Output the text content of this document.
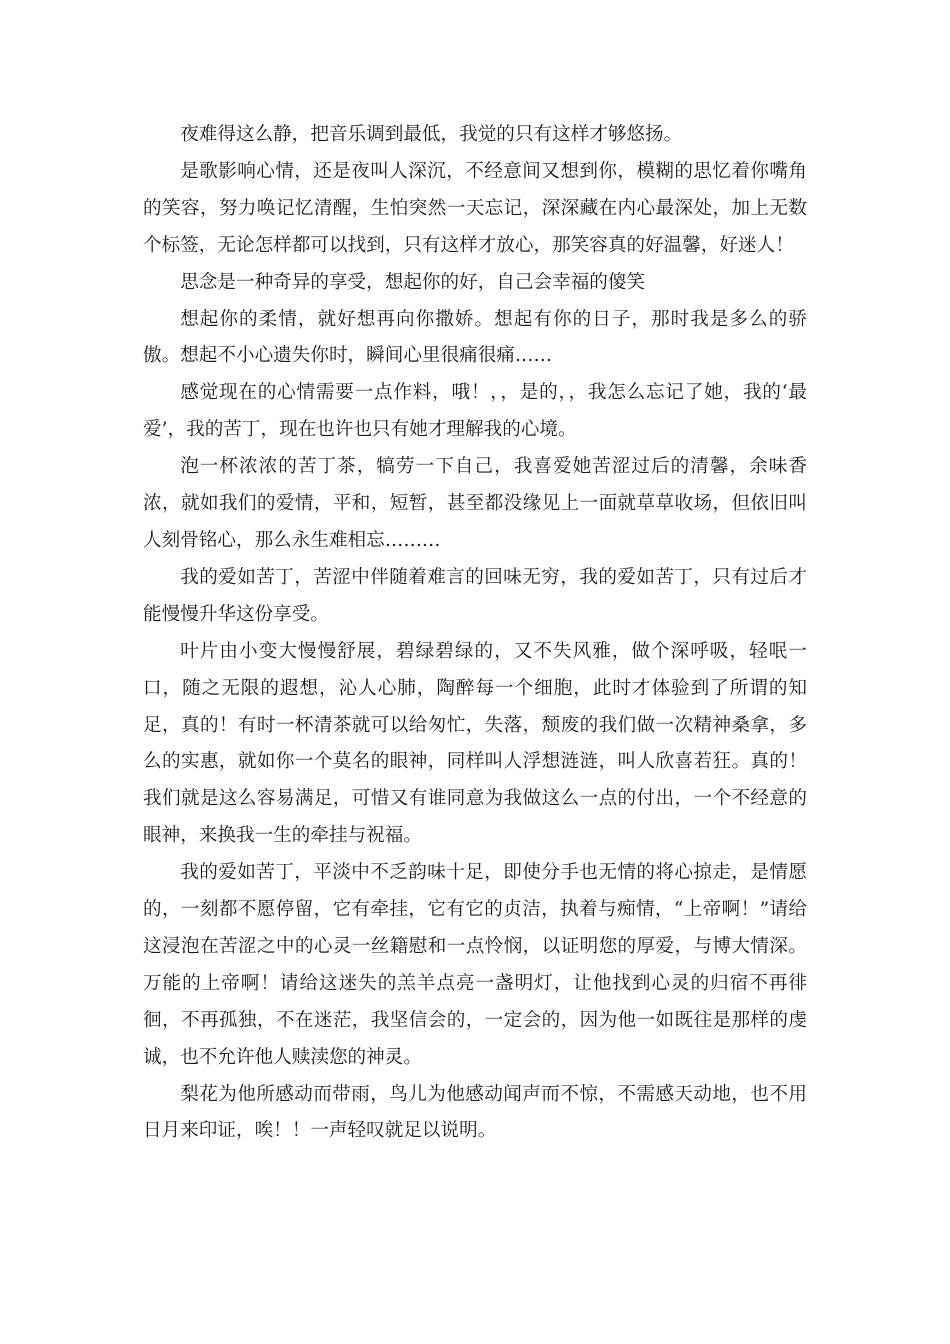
夜难得这么静，把音乐调到最低，我觉的只有这样才够悠扬。

是歌影响心情，还是夜叫人深沉，不经意间又想到你，模糊的思忆着你嘴角的笑容，努力唤记忆清醒，生怕突然一天忘记，深深藏在内心最深处，加上无数个标签，无论怎样都可以找到，只有这样才放心，那笑容真的好温馨，好迷人！

思念是一种奇异的享受，想起你的好，自己会幸福的傻笑

想起你的柔情，就好想再向你撒娇。想起有你的日子，那时我是多么的骄傲。想起不小心遗失你时，瞬间心里很痛很痛……

感觉现在的心情需要一点作料，哦！，，是的，，我怎么忘记了她，我的‘最爱’，我的苦丁，现在也许也只有她才理解我的心境。

泡一杯浓浓的苦丁茶，犒劳一下自己，我喜爱她苦涩过后的清馨，余味香浓，就如我们的爱情，平和，短暂，甚至都没缘见上一面就草草收场，但依旧叫人刻骨铭心，那么永生难相忘………

我的爱如苦丁，苦涩中伴随着难言的回味无穷，我的爱如苦丁，只有过后才能慢慢升华这份享受。

叶片由小变大慢慢舒展，碧绿碧绿的，又不失风雅，做个深呼吸，轻呡一口，随之无限的遐想，沁人心肺，陶醉每一个细胞，此时才体验到了所谓的知足，真的！有时一杯清茶就可以给匆忙，失落，颓废的我们做一次精神桑拿，多么的实惠，就如你一个莫名的眼神，同样叫人浮想涟涟，叫人欣喜若狂。真的！我们就是这么容易满足，可惜又有谁同意为我做这么一点的付出，一个不经意的眼神，来换我一生的牵挂与祝福。

我的爱如苦丁，平淡中不乏韵味十足，即使分手也无情的将心掠走，是情愿的，一刻都不愿停留，它有牵挂，它有它的贞洁，执着与痴情，“上帝啊！”请给这浸泡在苦涩之中的心灵一丝籍慰和一点怜悯，以证明您的厚爱，与博大情深。万能的上帝啊！请给这迷失的羔羊点亮一盏明灯，让他找到心灵的归宿不再徘徊，不再孤独，不在迷茫，我坚信会的，一定会的，因为他一如既往是那样的虔诚，也不允许他人赎渎您的神灵。

梨花为他所感动而带雨，鸟儿为他感动闻声而不惊，不需感天动地，也不用日月来印证，唉！！一声轻叹就足以说明。
